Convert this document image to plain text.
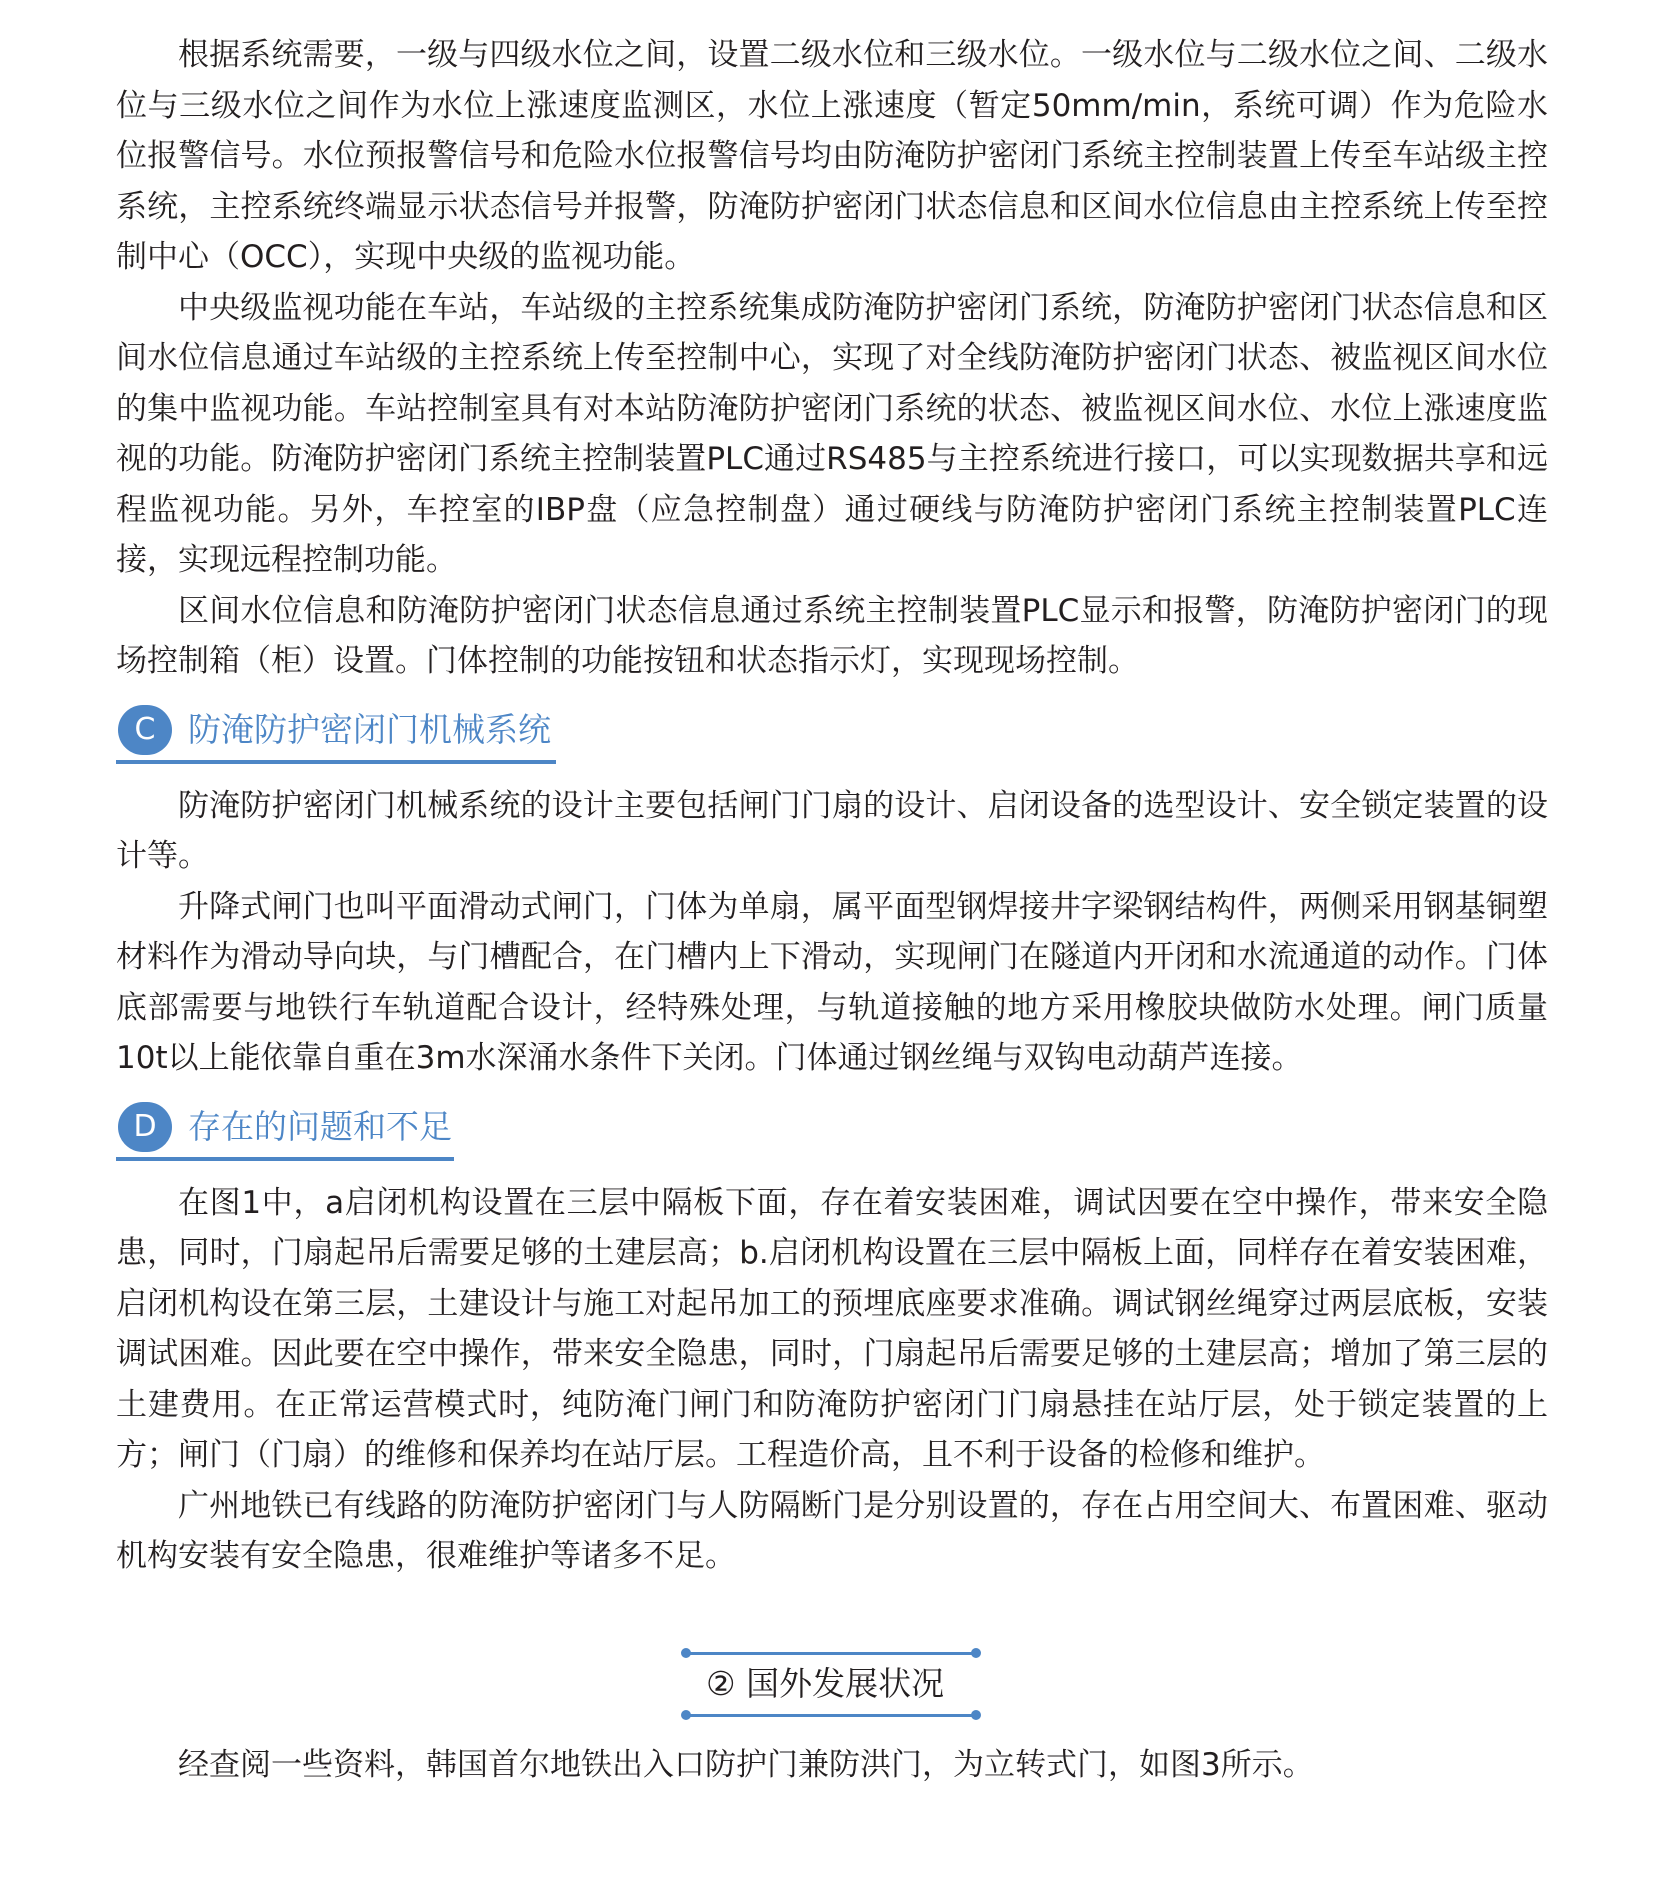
根据系统需要，一级与四级水位之间，设置二级水位和三级水位。一级水位与二级水位之间、二级水位与三级水位之间作为水位上涨速度监测区，水位上涨速度（暂定50mm/min，系统可调）作为危险水位报警信号。水位预报警信号和危险水位报警信号均由防淹防护密闭门系统主控制装置上传至车站级主控系统，主控系统终端显示状态信号并报警，防淹防护密闭门状态信息和区间水位信息由主控系统上传至控制中心（OCC），实现中央级的监视功能。

中央级监视功能在车站，车站级的主控系统集成防淹防护密闭门系统，防淹防护密闭门状态信息和区间水位信息通过车站级的主控系统上传至控制中心，实现了对全线防淹防护密闭门状态、被监视区间水位的集中监视功能。车站控制室具有对本站防淹防护密闭门系统的状态、被监视区间水位、水位上涨速度监视的功能。防淹防护密闭门系统主控制装置PLC通过RS485与主控系统进行接口，可以实现数据共享和远程监视功能。另外，车控室的IBP盘（应急控制盘）通过硬线与防淹防护密闭门系统主控制装置PLC连接，实现远程控制功能。

区间水位信息和防淹防护密闭门状态信息通过系统主控制装置PLC显示和报警，防淹防护密闭门的现场控制箱（柜）设置。门体控制的功能按钮和状态指示灯，实现现场控制。

C 防淹防护密闭门机械系统

防淹防护密闭门机械系统的设计主要包括闸门门扇的设计、启闭设备的选型设计、安全锁定装置的设计等。

升降式闸门也叫平面滑动式闸门，门体为单扇，属平面型钢焊接井字梁钢结构件，两侧采用钢基铜塑材料作为滑动导向块，与门槽配合，在门槽内上下滑动，实现闸门在隧道内开闭和水流通道的动作。门体底部需要与地铁行车轨道配合设计，经特殊处理，与轨道接触的地方采用橡胶块做防水处理。闸门质量10t以上能依靠自重在3m水深涌水条件下关闭。门体通过钢丝绳与双钩电动葫芦连接。

D 存在的问题和不足

在图1中，a启闭机构设置在三层中隔板下面，存在着安装困难，调试因要在空中操作，带来安全隐患，同时，门扇起吊后需要足够的土建层高；b.启闭机构设置在三层中隔板上面，同样存在着安装困难，启闭机构设在第三层，土建设计与施工对起吊加工的预埋底座要求准确。调试钢丝绳穿过两层底板，安装调试困难。因此要在空中操作，带来安全隐患，同时，门扇起吊后需要足够的土建层高；增加了第三层的土建费用。在正常运营模式时，纯防淹门闸门和防淹防护密闭门门扇悬挂在站厅层，处于锁定装置的上方；闸门（门扇）的维修和保养均在站厅层。工程造价高，且不利于设备的检修和维护。

广州地铁已有线路的防淹防护密闭门与人防隔断门是分别设置的，存在占用空间大、布置困难、驱动机构安装有安全隐患，很难维护等诸多不足。

② 国外发展状况

经查阅一些资料，韩国首尔地铁出入口防护门兼防洪门，为立转式门，如图3所示。
